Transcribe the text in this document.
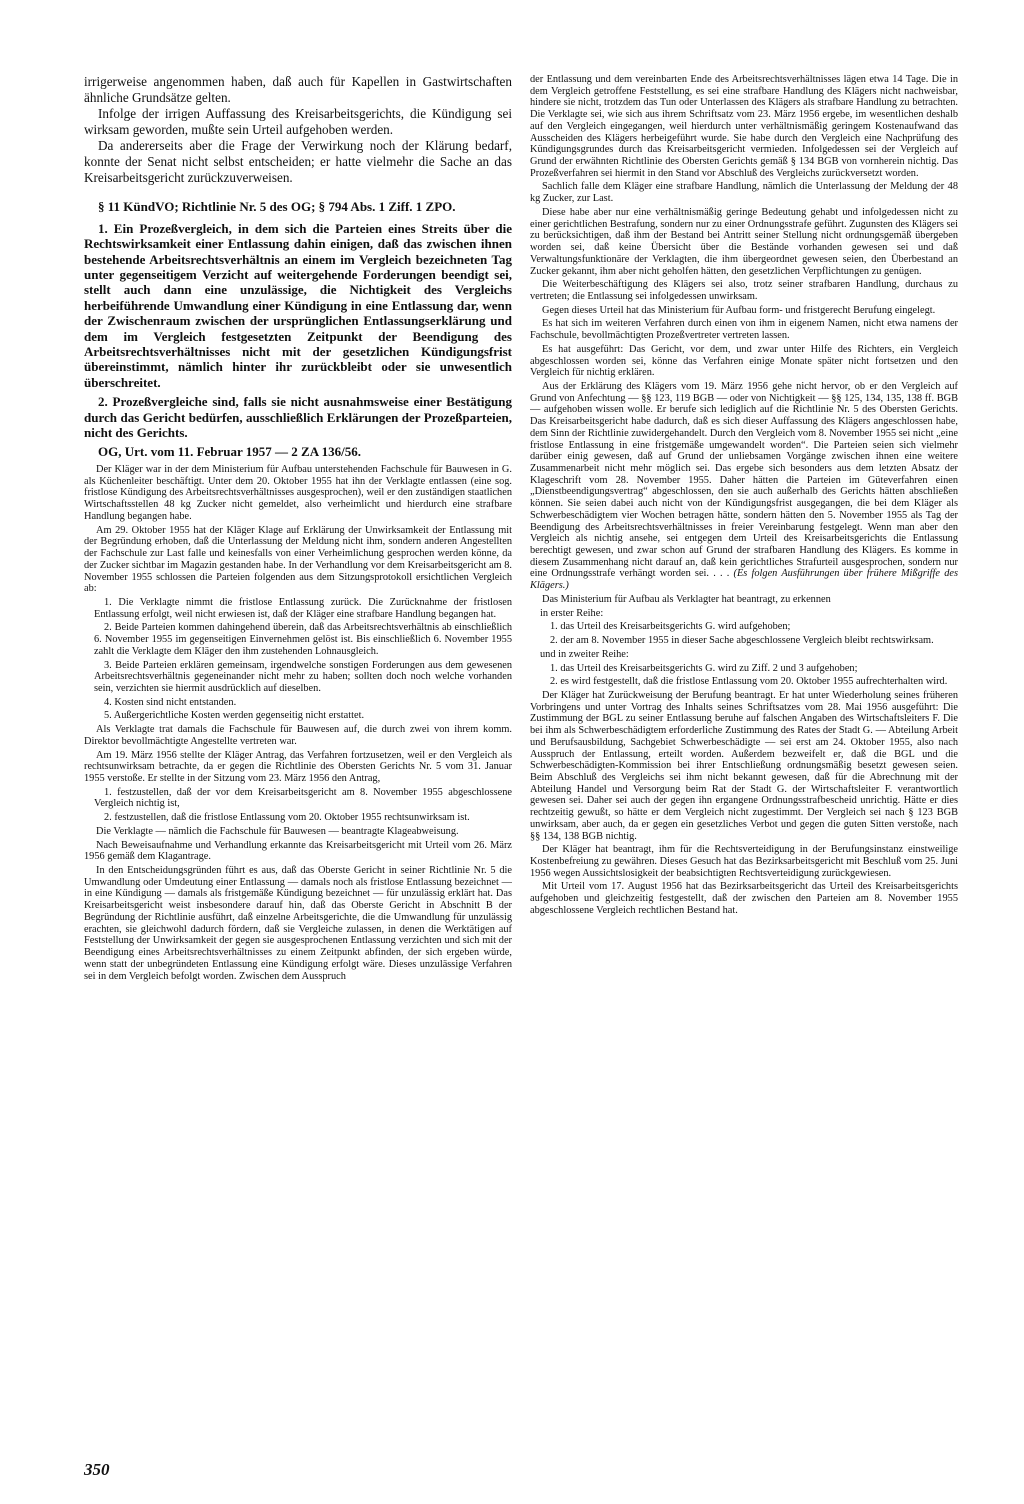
irrigerweise angenommen haben, daß auch für Kapellen in Gastwirtschaften ähnliche Grundsätze gelten.

Infolge der irrigen Auffassung des Kreisarbeitsgerichts, die Kündigung sei wirksam geworden, mußte sein Urteil aufgehoben werden.

Da andererseits aber die Frage der Verwirkung noch der Klärung bedarf, konnte der Senat nicht selbst entscheiden; er hatte vielmehr die Sache an das Kreisarbeitsgericht zurückzuverweisen.

§ 11 KündVO; Richtlinie Nr. 5 des OG; § 794 Abs. 1 Ziff. 1 ZPO.

1. Ein Prozeßvergleich, in dem sich die Parteien eines Streits über die Rechtswirksamkeit einer Entlassung dahin einigen, daß das zwischen ihnen bestehende Arbeitsrechtsverhältnis an einem im Vergleich bezeichneten Tag unter gegenseitigem Verzicht auf weitergehende Forderungen beendigt sei, stellt auch dann eine unzulässige, die Nichtigkeit des Vergleichs herbeiführende Umwandlung einer Kündigung in eine Entlassung dar, wenn der Zwischenraum zwischen der ursprünglichen Entlassungserklärung und dem im Vergleich festgesetzten Zeitpunkt der Beendigung des Arbeitsrechtsverhältnisses nicht mit der gesetzlichen Kündigungsfrist übereinstimmt, nämlich hinter ihr zurückbleibt oder sie unwesentlich überschreitet.

2. Prozeßvergleiche sind, falls sie nicht ausnahmsweise einer Bestätigung durch das Gericht bedürfen, ausschließlich Erklärungen der Prozeßparteien, nicht des Gerichts.

OG, Urt. vom 11. Februar 1957 — 2 ZA 136/56.

Der Kläger war in der dem Ministerium für Aufbau unterstehenden Fachschule für Bauwesen in G. als Küchenleiter beschäftigt. Unter dem 20. Oktober 1955 hat ihn der Verklagte entlassen (eine sog. fristlose Kündigung des Arbeitsrechtsverhältnisses ausgesprochen), weil er den zuständigen staatlichen Wirtschaftsstellen 48 kg Zucker nicht gemeldet, also verheimlicht und hierdurch eine strafbare Handlung begangen habe.

Am 29. Oktober 1955 hat der Kläger Klage auf Erklärung der Unwirksamkeit der Entlassung mit der Begründung erhoben, daß die Unterlassung der Meldung nicht ihm, sondern anderen Angestellten der Fachschule zur Last falle und keinesfalls von einer Verheimlichung gesprochen werden könne, da der Zucker sichtbar im Magazin gestanden habe. In der Verhandlung vor dem Kreisarbeitsgericht am 8. November 1955 schlossen die Parteien folgenden aus dem Sitzungsprotokoll ersichtlichen Vergleich ab:

1. Die Verklagte nimmt die fristlose Entlassung zurück. Die Zurücknahme der fristlosen Entlassung erfolgt, weil nicht erwiesen ist, daß der Kläger eine strafbare Handlung begangen hat.

2. Beide Parteien kommen dahingehend überein, daß das Arbeitsrechtsverhältnis ab einschließlich 6. November 1955 im gegenseitigen Einvernehmen gelöst ist. Bis einschließlich 6. November 1955 zahlt die Verklagte dem Kläger den ihm zustehenden Lohnausgleich.

3. Beide Parteien erklären gemeinsam, irgendwelche sonstigen Forderungen aus dem gewesenen Arbeitsrechtsverhältnis gegeneinander nicht mehr zu haben; sollten doch noch welche vorhanden sein, verzichten sie hiermit ausdrücklich auf dieselben.

4. Kosten sind nicht entstanden.

5. Außergerichtliche Kosten werden gegenseitig nicht erstattet.

Als Verklagte trat damals die Fachschule für Bauwesen auf, die durch zwei von ihrem komm. Direktor bevollmächtigte Angestellte vertreten war.

Am 19. März 1956 stellte der Kläger Antrag, das Verfahren fortzusetzen, weil er den Vergleich als rechtsunwirksam betrachte, da er gegen die Richtlinie des Obersten Gerichts Nr. 5 vom 31. Januar 1955 verstoße. Er stellte in der Sitzung vom 23. März 1956 den Antrag,

1. festzustellen, daß der vor dem Kreisarbeitsgericht am 8. November 1955 abgeschlossene Vergleich nichtig ist,

2. festzustellen, daß die fristlose Entlassung vom 20. Oktober 1955 rechtsunwirksam ist.

Die Verklagte — nämlich die Fachschule für Bauwesen — beantragte Klageabweisung.

Nach Beweisaufnahme und Verhandlung erkannte das Kreisarbeitsgericht mit Urteil vom 26. März 1956 gemäß dem Klagantrage.

In den Entscheidungsgründen führt es aus, daß das Oberste Gericht in seiner Richtlinie Nr. 5 die Umwandlung oder Umdeutung einer Entlassung — damals noch als fristlose Entlassung bezeichnet — in eine Kündigung — damals als fristgemäße Kündigung bezeichnet — für unzulässig erklärt hat. Das Kreisarbeitsgericht weist insbesondere darauf hin, daß das Oberste Gericht in Abschnitt B der Begründung der Richtlinie ausführt, daß einzelne Arbeitsgerichte, die die Umwandlung für unzulässig erachten, sie gleichwohl dadurch fördern, daß sie Vergleiche zulassen, in denen die Werktätigen auf Feststellung der Unwirksamkeit der gegen sie ausgesprochenen Entlassung verzichten und sich mit der Beendigung eines Arbeitsrechtsverhältnisses zu einem Zeitpunkt abfinden, der sich ergeben würde, wenn statt der unbegründeten Entlassung eine Kündigung erfolgt wäre. Dieses unzulässige Verfahren sei in dem Vergleich befolgt worden. Zwischen dem Ausspruch

der Entlassung und dem vereinbarten Ende des Arbeitsrechtsverhältnisses lägen etwa 14 Tage. Die in dem Vergleich getroffene Feststellung, es sei eine strafbare Handlung des Klägers nicht nachweisbar, hindere sie nicht, trotzdem das Tun oder Unterlassen des Klägers als strafbare Handlung zu betrachten. Die Verklagte sei, wie sich aus ihrem Schriftsatz vom 23. März 1956 ergebe, im wesentlichen deshalb auf den Vergleich eingegangen, weil hierdurch unter verhältnismäßig geringem Kostenaufwand das Ausscheiden des Klägers herbeigeführt wurde. Sie habe durch den Vergleich eine Nachprüfung des Kündigungsgrundes durch das Kreisarbeitsgericht vermieden. Infolgedessen sei der Vergleich auf Grund der erwähnten Richtlinie des Obersten Gerichts gemäß § 134 BGB von vornherein nichtig. Das Prozeßverfahren sei hiermit in den Stand vor Abschluß des Vergleichs zurückversetzt worden.

Sachlich falle dem Kläger eine strafbare Handlung, nämlich die Unterlassung der Meldung der 48 kg Zucker, zur Last.

Diese habe aber nur eine verhältnismäßig geringe Bedeutung gehabt und infolgedessen nicht zu einer gerichtlichen Bestrafung, sondern nur zu einer Ordnungsstrafe geführt. Zugunsten des Klägers sei zu berücksichtigen, daß ihm der Bestand bei Antritt seiner Stellung nicht ordnungsgemäß übergeben worden sei, daß keine Übersicht über die Bestände vorhanden gewesen sei und daß Verwaltungsfunktionäre der Verklagten, die ihm übergeordnet gewesen seien, den Überbestand an Zucker gekannt, ihm aber nicht geholfen hätten, den gesetzlichen Verpflichtungen zu genügen.

Die Weiterbeschäftigung des Klägers sei also, trotz seiner strafbaren Handlung, durchaus zu vertreten; die Entlassung sei infolgedessen unwirksam.

Gegen dieses Urteil hat das Ministerium für Aufbau form- und fristgerecht Berufung eingelegt.

Es hat sich im weiteren Verfahren durch einen von ihm in eigenem Namen, nicht etwa namens der Fachschule, bevollmächtigten Prozeßvertreter vertreten lassen.

Es hat ausgeführt: Das Gericht, vor dem, und zwar unter Hilfe des Richters, ein Vergleich abgeschlossen worden sei, könne das Verfahren einige Monate später nicht fortsetzen und den Vergleich für nichtig erklären.

Aus der Erklärung des Klägers vom 19. März 1956 gehe nicht hervor, ob er den Vergleich auf Grund von Anfechtung — §§ 123, 119 BGB — oder von Nichtigkeit — §§ 125, 134, 135, 138 ff. BGB — aufgehoben wissen wolle. Er berufe sich lediglich auf die Richtlinie Nr. 5 des Obersten Gerichts. Das Kreisarbeitsgericht habe dadurch, daß es sich dieser Auffassung des Klägers angeschlossen habe, dem Sinn der Richtlinie zuwidergehandelt. Durch den Vergleich vom 8. November 1955 sei nicht „eine fristlose Entlassung in eine fristgemäße umgewandelt worden“. Die Parteien seien sich vielmehr darüber einig gewesen, daß auf Grund der unliebsamen Vorgänge zwischen ihnen eine weitere Zusammenarbeit nicht mehr möglich sei. Das ergebe sich besonders aus dem letzten Absatz der Klageschrift vom 28. November 1955. Daher hätten die Parteien im Güteverfahren einen „Dienstbeendigungsvertrag“ abgeschlossen, den sie auch außerhalb des Gerichts hätten abschließen können. Sie seien dabei auch nicht von der Kündigungsfrist ausgegangen, die bei dem Kläger als Schwerbeschädigtem vier Wochen betragen hätte, sondern hätten den 5. November 1955 als Tag der Beendigung des Arbeitsrechtsverhältnisses in freier Vereinbarung festgelegt. Wenn man aber den Vergleich als nichtig ansehe, sei entgegen dem Urteil des Kreisarbeitsgerichts die Entlassung berechtigt gewesen, und zwar schon auf Grund der strafbaren Handlung des Klägers. Es komme in diesem Zusammenhang nicht darauf an, daß kein gerichtliches Strafurteil ausgesprochen, sondern nur eine Ordnungsstrafe verhängt worden sei. . . . (Es folgen Ausführungen über frühere Mißgriffe des Klägers.)

Das Ministerium für Aufbau als Verklagter hat beantragt, zu erkennen

in erster Reihe:

1. das Urteil des Kreisarbeitsgerichts G. wird aufgehoben;

2. der am 8. November 1955 in dieser Sache abgeschlossene Vergleich bleibt rechtswirksam.

und in zweiter Reihe:

1. das Urteil des Kreisarbeitsgerichts G. wird zu Ziff. 2 und 3 aufgehoben;

2. es wird festgestellt, daß die fristlose Entlassung vom 20. Oktober 1955 aufrechterhalten wird.

Der Kläger hat Zurückweisung der Berufung beantragt. Er hat unter Wiederholung seines früheren Vorbringens und unter Vortrag des Inhalts seines Schriftsatzes vom 28. Mai 1956 ausgeführt: Die Zustimmung der BGL zu seiner Entlassung beruhe auf falschen Angaben des Wirtschaftsleiters F. Die bei ihm als Schwerbeschädigtem erforderliche Zustimmung des Rates der Stadt G. — Abteilung Arbeit und Berufsausbildung, Sachgebiet Schwerbeschädigte — sei erst am 24. Oktober 1955, also nach Ausspruch der Entlassung, erteilt worden. Außerdem bezweifelt er, daß die BGL und die Schwerbeschädigten-Kommission bei ihrer Entschließung ordnungsmäßig besetzt gewesen seien. Beim Abschluß des Vergleichs sei ihm nicht bekannt gewesen, daß für die Abrechnung mit der Abteilung Handel und Versorgung beim Rat der Stadt G. der Wirtschaftsleiter F. verantwortlich gewesen sei. Daher sei auch der gegen ihn ergangene Ordnungsstrafbescheid unrichtig. Hätte er dies rechtzeitig gewußt, so hätte er dem Vergleich nicht zugestimmt. Der Vergleich sei nach § 123 BGB unwirksam, aber auch, da er gegen ein gesetzliches Verbot und gegen die guten Sitten verstoße, nach §§ 134, 138 BGB nichtig.

Der Kläger hat beantragt, ihm für die Rechtsverteidigung in der Berufungsinstanz einstweilige Kostenbefreiung zu gewähren. Dieses Gesuch hat das Bezirksarbeitsgericht mit Beschluß vom 25. Juni 1956 wegen Aussichtslosigkeit der beabsichtigten Rechtsverteidigung zurückgewiesen.

Mit Urteil vom 17. August 1956 hat das Bezirksarbeitsgericht das Urteil des Kreisarbeitsgerichts aufgehoben und gleichzeitig festgestellt, daß der zwischen den Parteien am 8. November 1955 abgeschlossene Vergleich rechtlichen Bestand hat.

350
